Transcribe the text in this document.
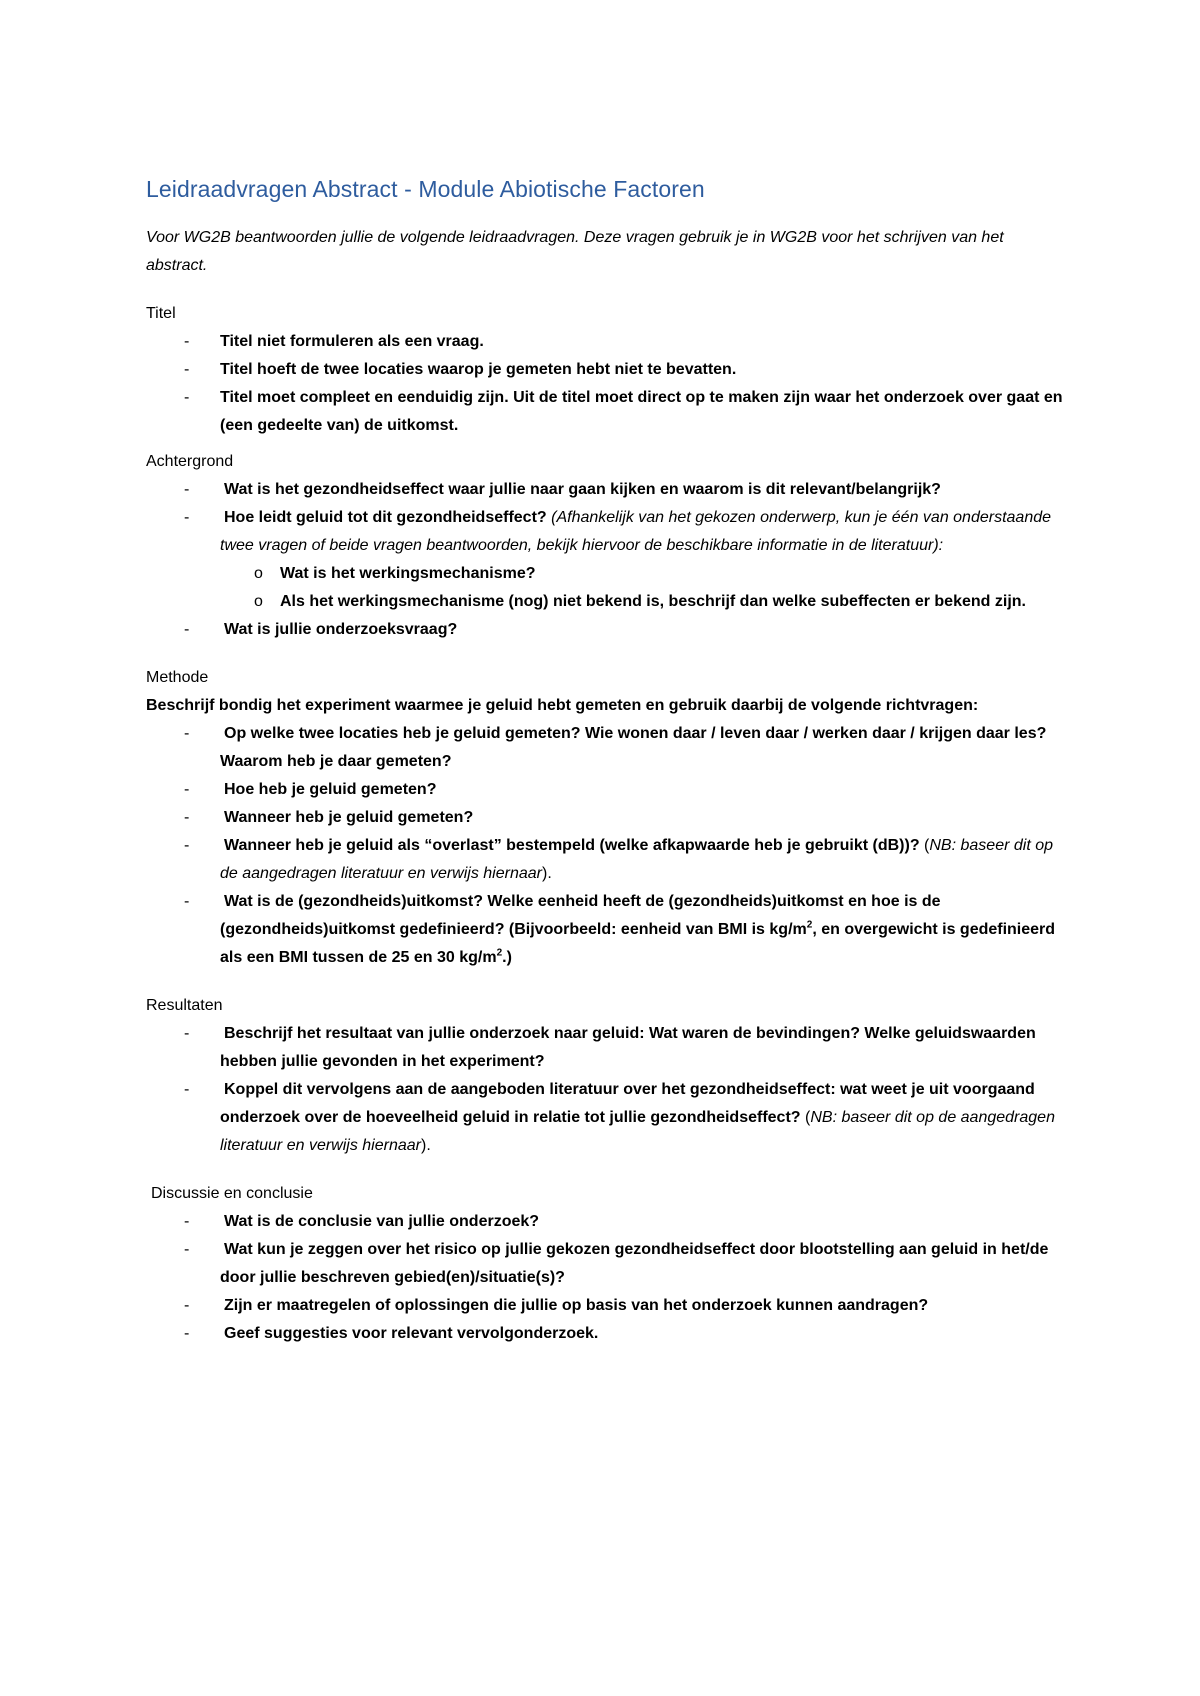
Leidraadvragen Abstract - Module Abiotische Factoren

Voor WG2B beantwoorden jullie de volgende leidraadvragen. Deze vragen gebruik je in WG2B voor het schrijven van het abstract.

Titel

- Titel niet formuleren als een vraag.
- Titel hoeft de twee locaties waarop je gemeten hebt niet te bevatten.
- Titel moet compleet en eenduidig zijn. Uit de titel moet direct op te maken zijn waar het onderzoek over gaat en (een gedeelte van) de uitkomst.

Achtergrond

- Wat is het gezondheidseffect waar jullie naar gaan kijken en waarom is dit relevant/belangrijk?
- Hoe leidt geluid tot dit gezondheidseffect? (Afhankelijk van het gekozen onderwerp, kun je één van onderstaande twee vragen of beide vragen beantwoorden, bekijk hiervoor de beschikbare informatie in de literatuur):
o Wat is het werkingsmechanisme?
o Als het werkingsmechanisme (nog) niet bekend is, beschrijf dan welke subeffecten er bekend zijn.
- Wat is jullie onderzoeksvraag?

Methode

Beschrijf bondig het experiment waarmee je geluid hebt gemeten en gebruik daarbij de volgende richtvragen:

- Op welke twee locaties heb je geluid gemeten? Wie wonen daar / leven daar / werken daar / krijgen daar les? Waarom heb je daar gemeten?
- Hoe heb je geluid gemeten?
- Wanneer heb je geluid gemeten?
- Wanneer heb je geluid als “overlast” bestempeld (welke afkapwaarde heb je gebruikt (dB))? (NB: baseer dit op de aangedragen literatuur en verwijs hiernaar).
- Wat is de (gezondheids)uitkomst? Welke eenheid heeft de (gezondheids)uitkomst en hoe is de (gezondheids)uitkomst gedefinieerd? (Bijvoorbeeld: eenheid van BMI is $kg/m^2$, en overgewicht is gedefinieerd als een BMI tussen de 25 en 30 $kg/m^2$.)

Resultaten

- Beschrijf het resultaat van jullie onderzoek naar geluid: Wat waren de bevindingen? Welke geluidswaarden hebben jullie gevonden in het experiment?
- Koppel dit vervolgens aan de aangeboden literatuur over het gezondheidseffect: wat weet je uit voorgaand onderzoek over de hoeveelheid geluid in relatie tot jullie gezondheidseffect? (NB: baseer dit op de aangedragen literatuur en verwijs hiernaar).

Discussie en conclusie

- Wat is de conclusie van jullie onderzoek?
- Wat kun je zeggen over het risico op jullie gekozen gezondheidseffect door blootstelling aan geluid in het/de door jullie beschreven gebied(en)/situatie(s)?
- Zijn er maatregelen of oplossingen die jullie op basis van het onderzoek kunnen aandragen?
- Geef suggesties voor relevant vervolgonderzoek.
